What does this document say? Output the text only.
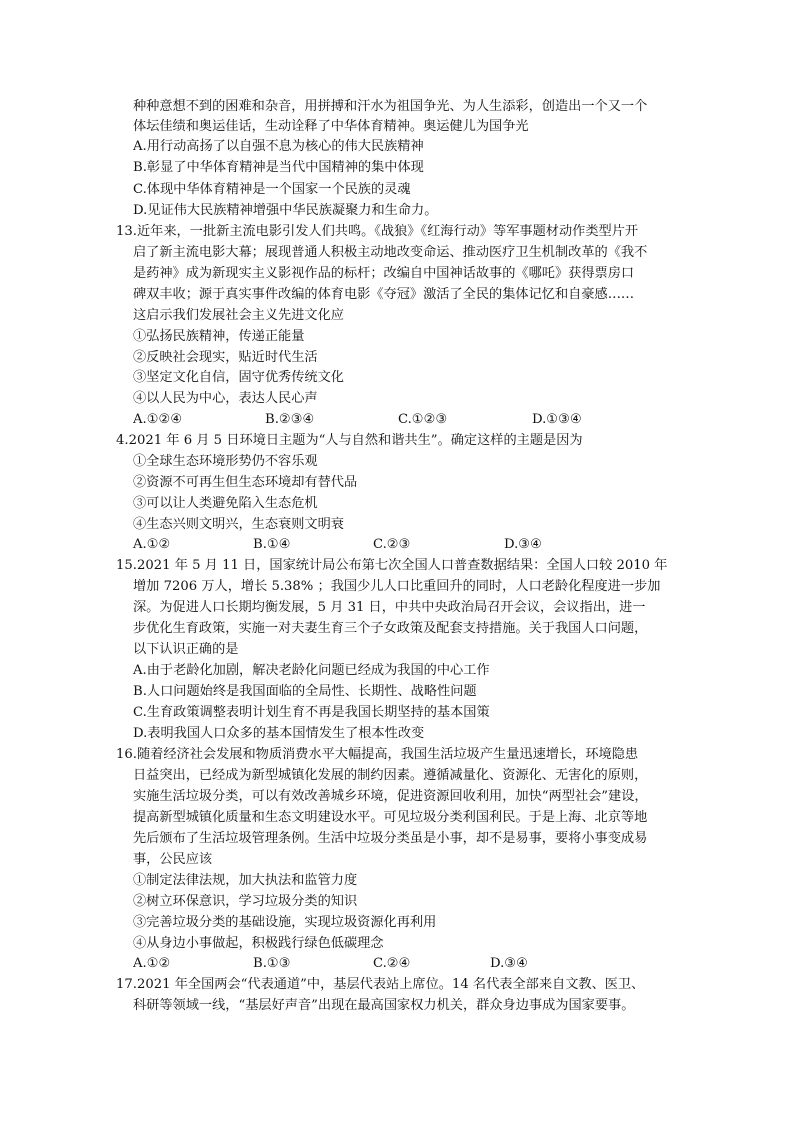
种种意想不到的困难和杂音，用拼搏和汗水为祖国争光、为人生添彩，创造出一个又一个
体坛佳绩和奥运佳话，生动诠释了中华体育精神。奥运健儿为国争光
A.用行动高扬了以自强不息为核心的伟大民族精神
B.彰显了中华体育精神是当代中国精神的集中体现
C.体现中华体育精神是一个国家一个民族的灵魂
D.见证伟大民族精神增强中华民族凝聚力和生命力。
13.近年来，一批新主流电影引发人们共鸣。《战狼》《红海行动》等军事题材动作类型片开
启了新主流电影大幕；展现普通人积极主动地改变命运、推动医疗卫生机制改革的《我不
是药神》成为新现实主义影视作品的标杆；改编自中国神话故事的《哪吒》获得票房口
碑双丰收；源于真实事件改编的体育电影《夺冠》激活了全民的集体记忆和自豪感……
这启示我们发展社会主义先进文化应
①弘扬民族精神，传递正能量
②反映社会现实，贴近时代生活
③坚定文化自信，固守优秀传统文化
④以人民为中心，表达人民心声
A.①②④	B.②③④	C.①②③	D.①③④
4.2021 年 6 月 5 日环境日主题为“人与自然和谐共生”。确定这样的主题是因为
①全球生态环境形势仍不容乐观
②资源不可再生但生态环境却有替代品
③可以让人类避免陷入生态危机
④生态兴则文明兴，生态衰则文明衰
A.①②	B.①④	C.②③	D.③④
15.2021 年 5 月 11 日，国家统计局公布第七次全国人口普查数据结果：全国人口较 2010 年
增加 7206 万人，增长 5.38% ；我国少儿人口比重回升的同时，人口老龄化程度进一步加
深。为促进人口长期均衡发展，5 月 31 日，中共中央政治局召开会议，会议指出，进一
步优化生育政策，实施一对夫妻生育三个子女政策及配套支持措施。关于我国人口问题，
以下认识正确的是
A.由于老龄化加剧，解决老龄化问题已经成为我国的中心工作
B.人口问题始终是我国面临的全局性、长期性、战略性问题
C.生育政策调整表明计划生育不再是我国长期坚持的基本国策
D.表明我国人口众多的基本国情发生了根本性改变
16.随着经济社会发展和物质消费水平大幅提高，我国生活垃圾产生量迅速增长，环境隐患
日益突出，已经成为新型城镇化发展的制约因素。遵循减量化、资源化、无害化的原则，
实施生活垃圾分类，可以有效改善城乡环境，促进资源回收利用，加快“两型社会”建设，
提高新型城镇化质量和生态文明建设水平。可见垃圾分类利国利民。于是上海、北京等地
先后颁布了生活垃圾管理条例。生活中垃圾分类虽是小事，却不是易事，要将小事变成易
事，公民应该
①制定法律法规，加大执法和监管力度
②树立环保意识，学习垃圾分类的知识
③完善垃圾分类的基础设施，实现垃圾资源化再利用
④从身边小事做起，积极践行绿色低碳理念
A.①②	B.①③	C.②④	D.③④
17.2021 年全国两会“代表通道”中，基层代表站上席位。14 名代表全部来自文教、医卫、
科研等领域一线，“基层好声音”出现在最高国家权力机关，群众身边事成为国家要事。
